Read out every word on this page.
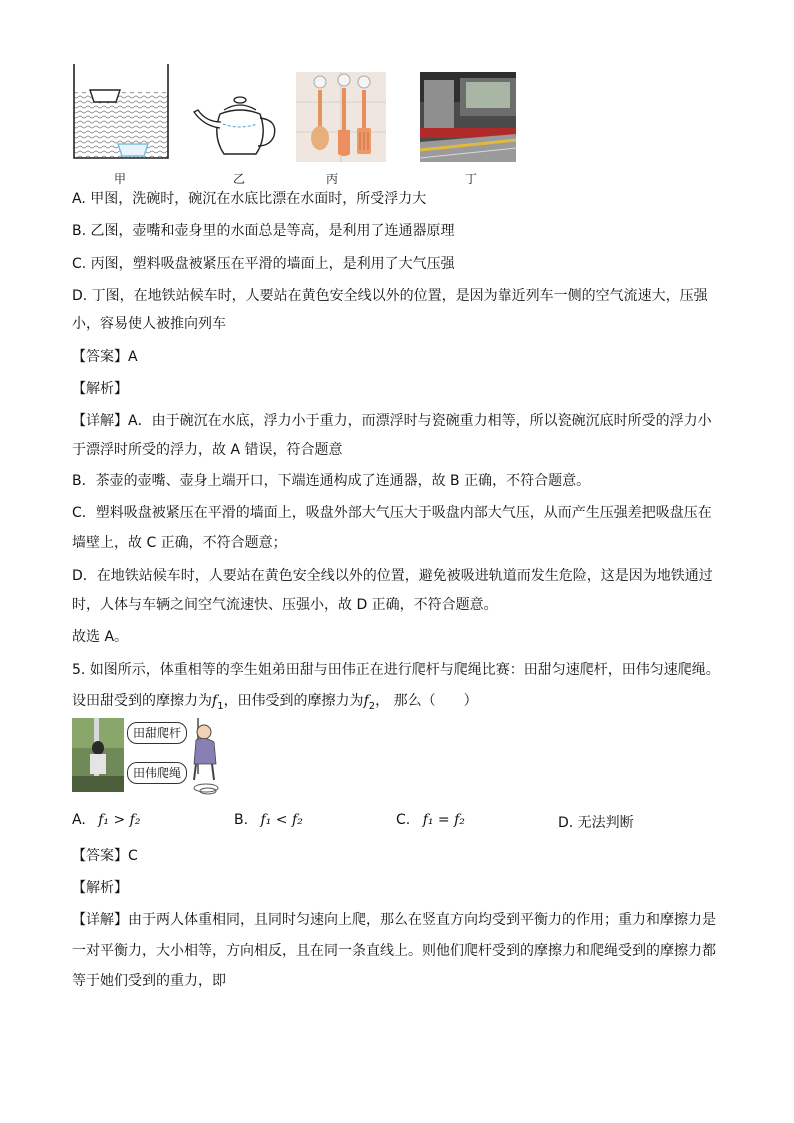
甲	乙	丙	丁
A. 甲图，洗碗时，碗沉在水底比漂在水面时，所受浮力大
B. 乙图，壶嘴和壶身里的水面总是等高，是利用了连通器原理
C. 丙图，塑料吸盘被紧压在平滑的墙面上，是利用了大气压强
D. 丁图，在地铁站候车时，人要站在黄色安全线以外的位置，是因为靠近列车一侧的空气流速大，压强
小，容易使人被推向列车
【答案】A
【解析】
【详解】A．由于碗沉在水底，浮力小于重力，而漂浮时与瓷碗重力相等，所以瓷碗沉底时所受的浮力小
于漂浮时所受的浮力，故 A 错误，符合题意
B．茶壶的壶嘴、壶身上端开口，下端连通构成了连通器，故 B 正确，不符合题意。
C．塑料吸盘被紧压在平滑的墙面上，吸盘外部大气压大于吸盘内部大气压，从而产生压强差把吸盘压在
墙壁上，故 C 正确，不符合题意；
D．在地铁站候车时，人要站在黄色安全线以外的位置，避免被吸进轨道而发生危险，这是因为地铁通过
时，人体与车辆之间空气流速快、压强小，故 D 正确，不符合题意。
故选 A。
5. 如图所示，体重相等的孪生姐弟田甜与田伟正在进行爬杆与爬绳比赛：田甜匀速爬杆，田伟匀速爬绳。
设田甜受到的摩擦力为$f_1$，田伟受到的摩擦力为$f_2$， 那么（　　）
田甜爬杆
田伟爬绳
A. f₁ > f₂	B. f₁ < f₂	C. f₁ = f₂	D. 无法判断
【答案】C
【解析】
【详解】由于两人体重相同，且同时匀速向上爬，那么在竖直方向均受到平衡力的作用；重力和摩擦力是
一对平衡力，大小相等，方向相反，且在同一条直线上。则他们爬杆受到的摩擦力和爬绳受到的摩擦力都
等于她们受到的重力，即
